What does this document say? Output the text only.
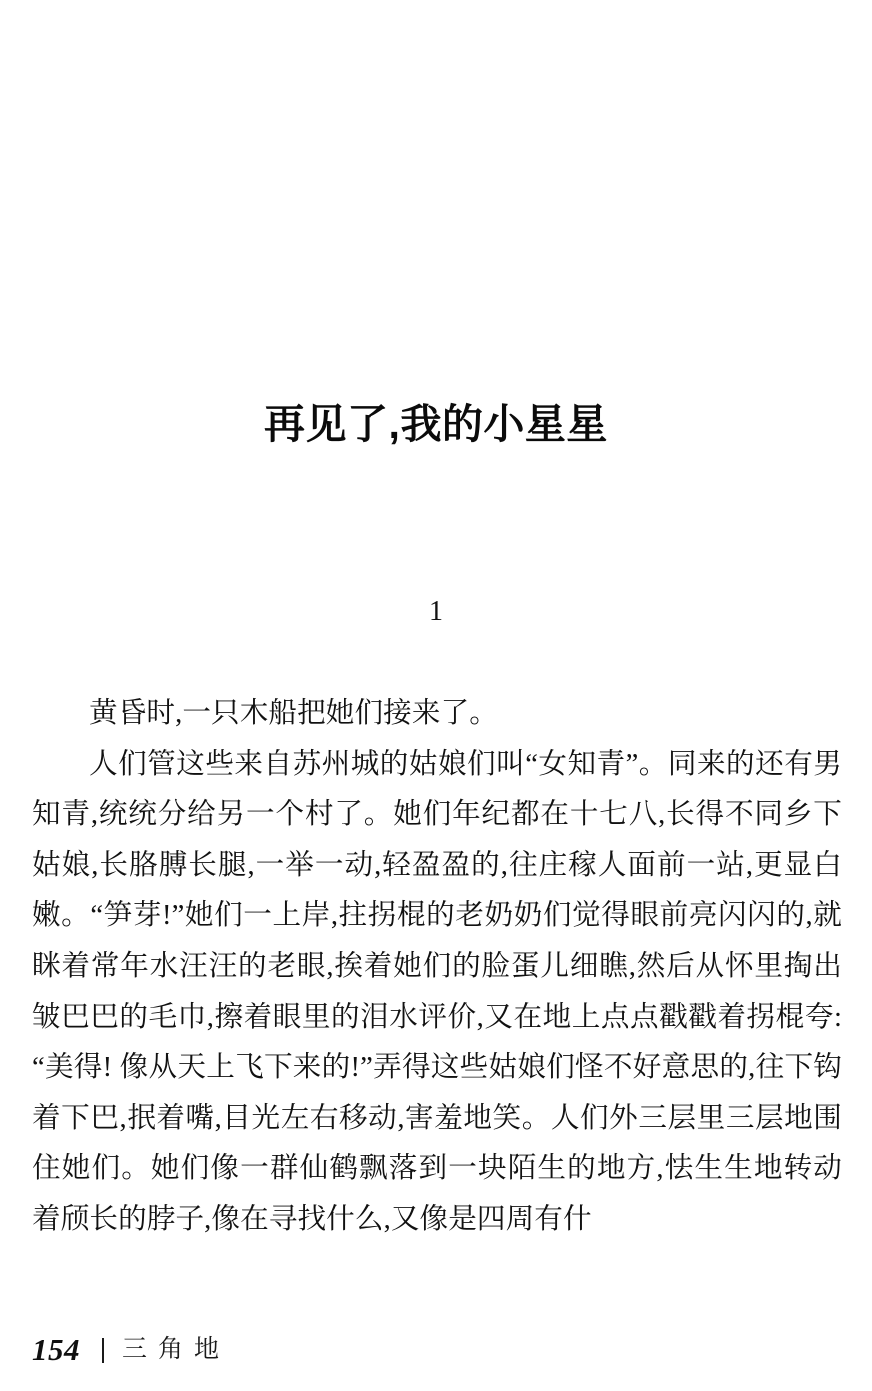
再见了,我的小星星
1

黄昏时,一只木船把她们接来了。

人们管这些来自苏州城的姑娘们叫“女知青”。同来的还有男知青,统统分给另一个村了。她们年纪都在十七八,长得不同乡下姑娘,长胳膊长腿,一举一动,轻盈盈的,往庄稼人面前一站,更显白嫩。“笋芽!”她们一上岸,拄拐棍的老奶奶们觉得眼前亮闪闪的,就眯着常年水汪汪的老眼,挨着她们的脸蛋儿细瞧,然后从怀里掏出皱巴巴的毛巾,擦着眼里的泪水评价,又在地上点点戳戳着拐棍夸:“美得! 像从天上飞下来的!”弄得这些姑娘们怪不好意思的,往下钩着下巴,抿着嘴,目光左右移动,害羞地笑。人们外三层里三层地围住她们。她们像一群仙鹤飘落到一块陌生的地方,怯生生地转动着颀长的脖子,像在寻找什么,又像是四周有什

154 三角地
